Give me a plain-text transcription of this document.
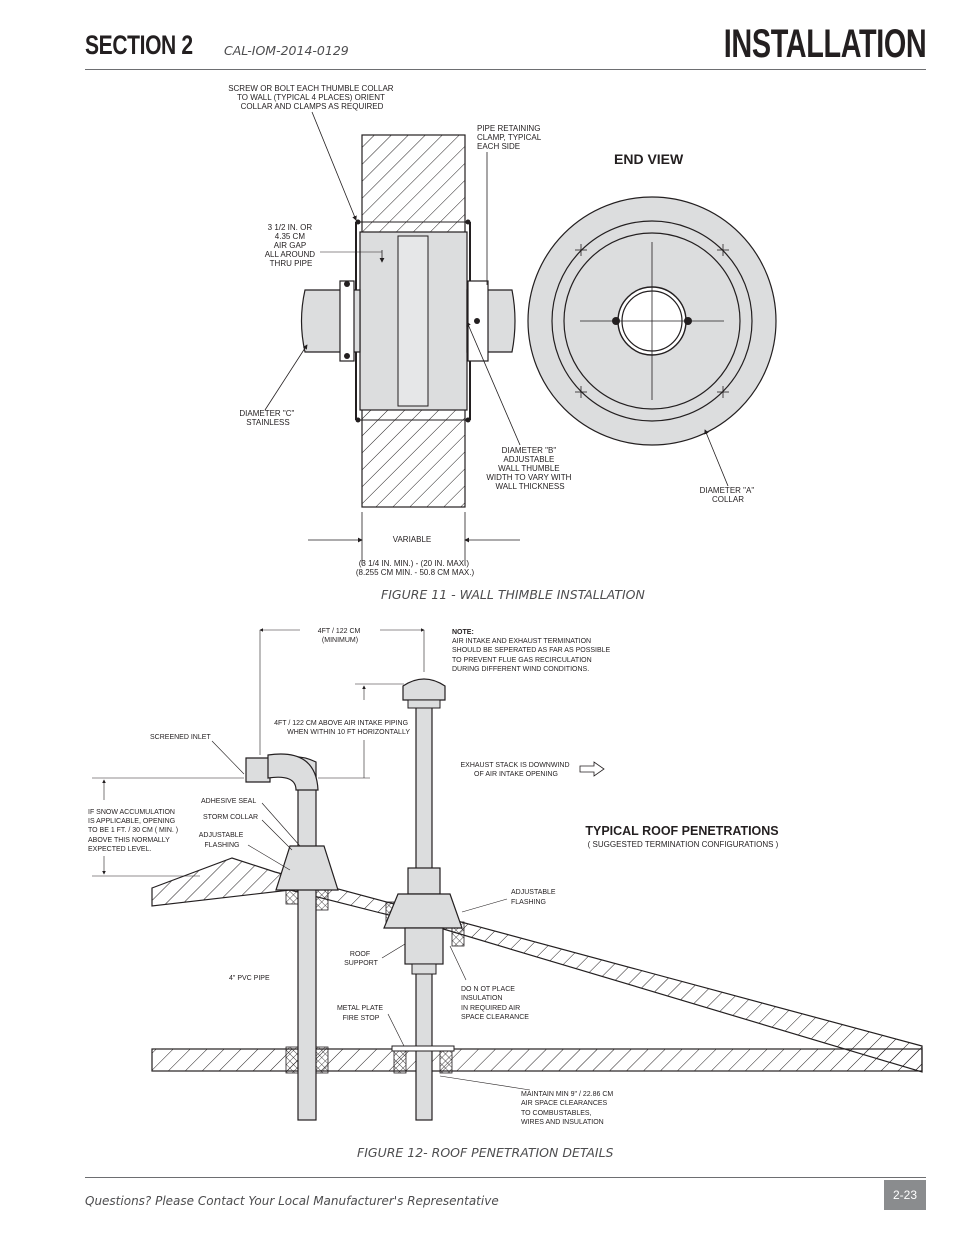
SECTION 2	CAL-IOM-2014-0129	INSTALLATION
SCREW OR BOLT EACH THUMBLE COLLAR TO WALL (TYPICAL 4 PLACES) ORIENT COLLAR AND CLAMPS AS REQUIRED
PIPE RETAINING CLAMP, TYPICAL EACH SIDE
END VIEW
3 1/2 IN. OR 4.35 CM AIR GAP ALL AROUND THRU PIPE
DIAMETER "C" STAINLESS
DIAMETER "B" ADJUSTABLE WALL THUMBLE WIDTH TO VARY WITH WALL THICKNESS	DIAMETER "A" COLLAR
VARIABLE
(3 1/4 IN. MIN.) - (20 IN. MAX.) (8.255 CM MIN. - 50.8 CM MAX.)
4FT / 122 CM (MINIMUM)
NOTE: AIR INTAKE AND EXHAUST TERMINATION SHOULD BE SEPERATED AS FAR AS POSSIBLE TO PREVENT FLUE GAS RECIRCULATION DURING DIFFERENT WIND CONDITIONS.
4FT / 122 CM ABOVE AIR INTAKE PIPING WHEN WITHIN 10 FT HORIZONTALLY
SCREENED INLET
EXHAUST STACK IS DOWNWIND OF AIR INTAKE OPENING
IF SNOW ACCUMULATION IS APPLICABLE, OPENING TO BE 1 FT. / 30 CM ( MIN. ) ABOVE THIS NORMALLY EXPECTED LEVEL.
ADHESIVE SEAL
STORM COLLAR
ADJUSTABLE FLASHING
TYPICAL ROOF PENETRATIONS
( SUGGESTED TERMINATION CONFIGURATIONS )
ADJUSTABLE FLASHING
ROOF SUPPORT
4" PVC PIPE
DO N OT PLACE INSULATION IN REQUIRED AIR SPACE CLEARANCE
METAL PLATE FIRE STOP
MAINTAIN MIN 9" / 22.86 CM AIR SPACE CLEARANCES TO COMBUSTABLES, WIRES AND INSULATION
FIGURE 11 - WALL THIMBLE INSTALLATION
FIGURE 12- ROOF PENETRATION DETAILS
Questions? Please Contact Your Local Manufacturer's Representative	2-23
